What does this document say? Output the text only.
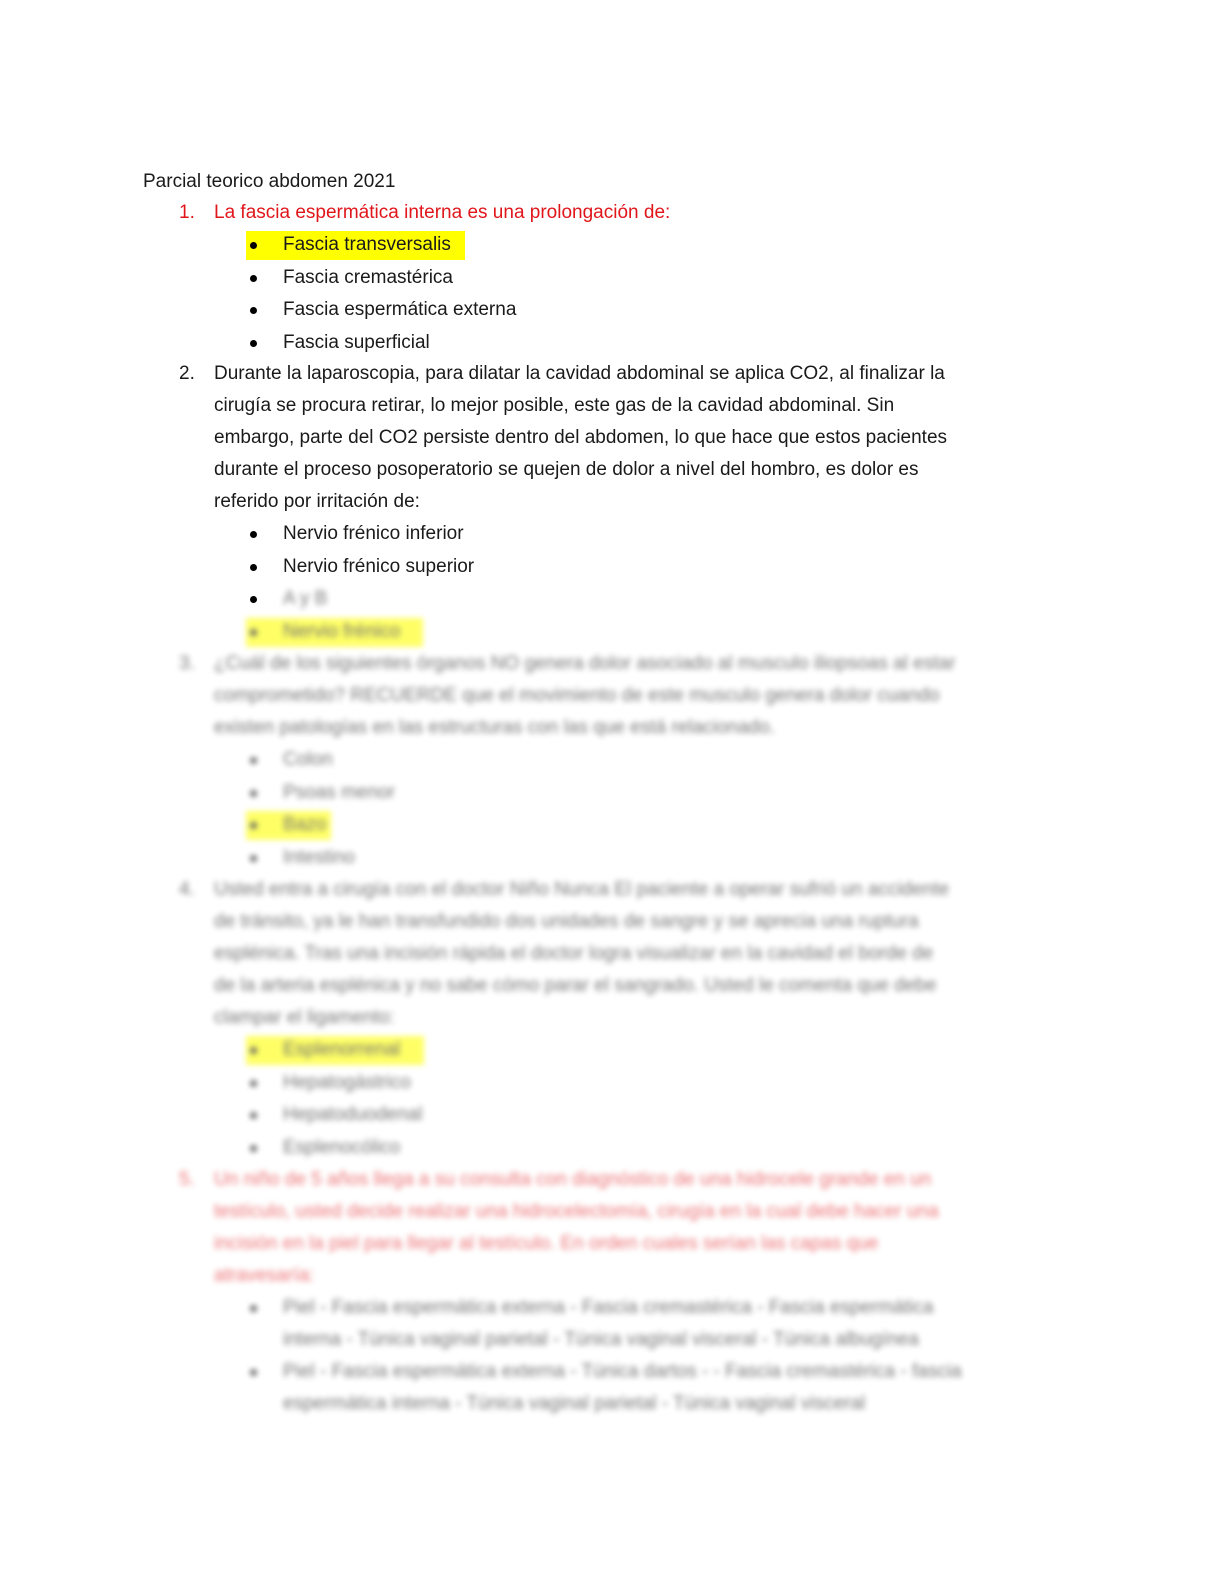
Parcial teorico abdomen 2021
1. La fascia espermática interna es una prolongación de:
Fascia transversalis
Fascia cremastérica
Fascia espermática externa
Fascia superficial
2. Durante la laparoscopia, para dilatar la cavidad abdominal se aplica CO2, al finalizar la
cirugía se procura retirar, lo mejor posible, este gas de la cavidad abdominal. Sin
embargo, parte del CO2 persiste dentro del abdomen, lo que hace que estos pacientes
durante el proceso posoperatorio se quejen de dolor a nivel del hombro, es dolor es
referido por irritación de:
Nervio frénico inferior
Nervio frénico superior
A y B
Nervio frénico
3. ¿Cuál de los siguientes órganos NO genera dolor asociado al musculo iliopsoas al estar
comprometido? RECUERDE que el movimiento de este musculo genera dolor cuando
existen patologías en las estructuras con las que está relacionado.
Colon
Psoas menor
Bazo
Intestino
4. Usted entra a cirugía con el doctor Niño Nunca El paciente a operar sufrió un accidente
de tránsito, ya le han transfundido dos unidades de sangre y se aprecia una ruptura
esplénica. Tras una incisión rápida el doctor logra visualizar en la cavidad el borde de
de la arteria esplénica y no sabe cómo parar el sangrado. Usted le comenta que debe
clampar el ligamento:
Esplenorrenal
Hepatogástrico
Hepatoduodenal
Esplenocólico
5. Un niño de 5 años llega a su consulta con diagnóstico de una hidrocele grande en un
testículo, usted decide realizar una hidrocelectomía, cirugía en la cual debe hacer una
incisión en la piel para llegar al testículo. En orden cuales serían las capas que
atravesaría:
Piel - Fascia espermática externa - Fascia cremastérica - Fascia espermática
interna - Túnica vaginal parietal - Túnica vaginal visceral - Túnica albugínea
Piel - Fascia espermática externa - Túnica dartos - - Fascia cremastérica - fascia
espermática interna - Túnica vaginal parietal - Túnica vaginal visceral
